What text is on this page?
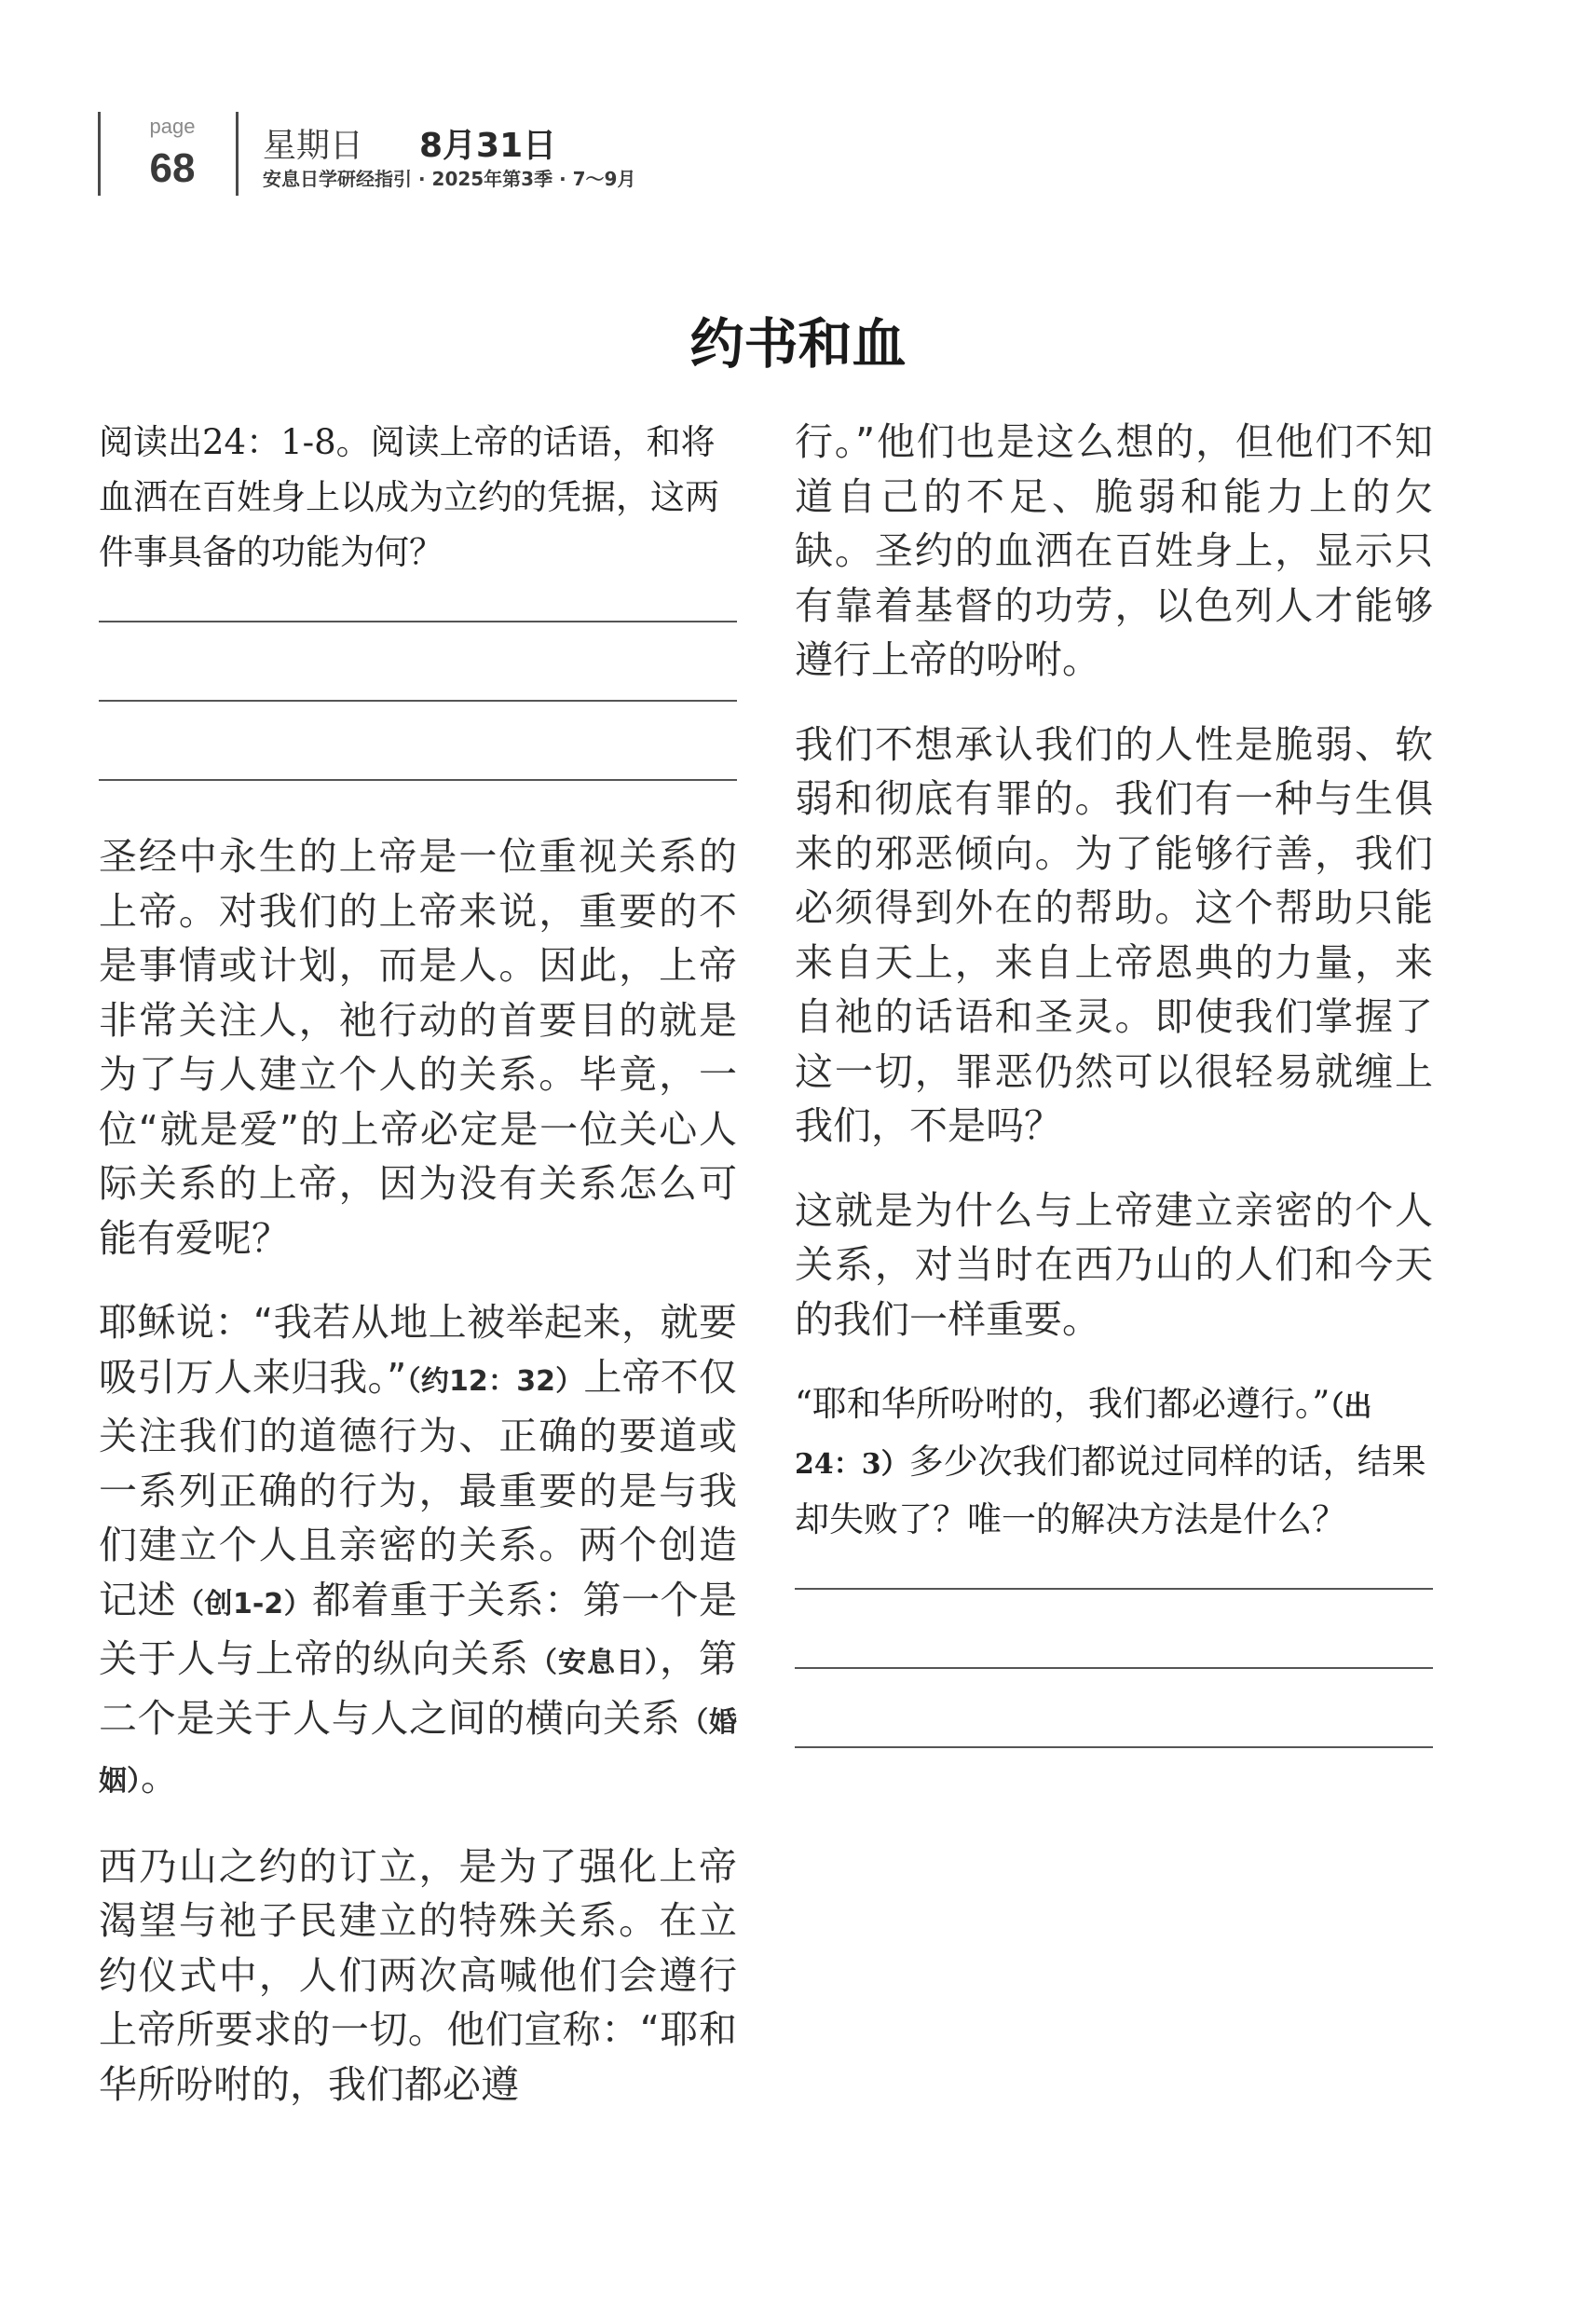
page
68 星期日 8月31日
安息日学研经指引 · 2025年第3季 · 7～9月
约书和血

阅读出24：1-8。阅读上帝的话语，和将血洒在百姓身上以成为立约的凭据，这两件事具备的功能为何？

圣经中永生的上帝是一位重视关系的上帝。对我们的上帝来说，重要的不是事情或计划，而是人。因此，上帝非常关注人，祂行动的首要目的就是为了与人建立个人的关系。毕竟，一位“就是爱”的上帝必定是一位关心人际关系的上帝，因为没有关系怎么可能有爱呢？

耶稣说：“我若从地上被举起来，就要吸引万人来归我。”（约12：32）上帝不仅关注我们的道德行为、正确的要道或一系列正确的行为，最重要的是与我们建立个人且亲密的关系。两个创造记述（创1-2）都着重于关系：第一个是关于人与上帝的纵向关系（安息日），第二个是关于人与人之间的横向关系（婚姻）。

西乃山之约的订立，是为了强化上帝渴望与祂子民建立的特殊关系。在立约仪式中，人们两次高喊他们会遵行上帝所要求的一切。他们宣称：“耶和华所吩咐的，我们都必遵

行。”他们也是这么想的，但他们不知道自己的不足、脆弱和能力上的欠缺。圣约的血洒在百姓身上，显示只有靠着基督的功劳，以色列人才能够遵行上帝的吩咐。

我们不想承认我们的人性是脆弱、软弱和彻底有罪的。我们有一种与生俱来的邪恶倾向。为了能够行善，我们必须得到外在的帮助。这个帮助只能来自天上，来自上帝恩典的力量，来自祂的话语和圣灵。即使我们掌握了这一切，罪恶仍然可以很轻易就缠上我们，不是吗？

这就是为什么与上帝建立亲密的个人关系，对当时在西乃山的人们和今天的我们一样重要。

“耶和华所吩咐的，我们都必遵行。”（出24：3）多少次我们都说过同样的话，结果却失败了？唯一的解决方法是什么？
